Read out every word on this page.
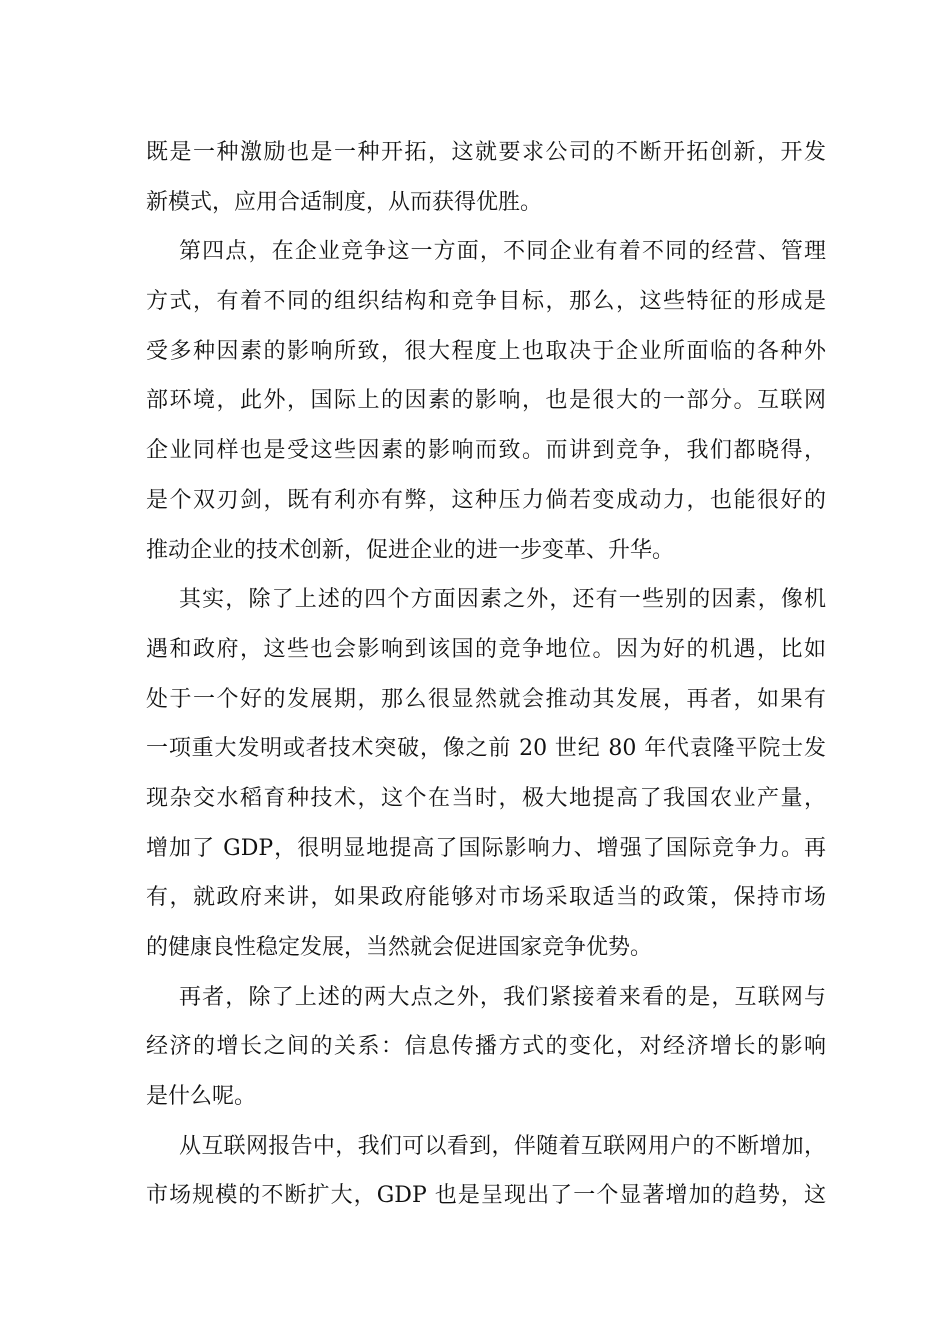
既是一种激励也是一种开拓，这就要求公司的不断开拓创新，开发
新模式，应用合适制度，从而获得优胜。
第四点，在企业竞争这一方面，不同企业有着不同的经营、管理
方式，有着不同的组织结构和竞争目标，那么，这些特征的形成是
受多种因素的影响所致，很大程度上也取决于企业所面临的各种外
部环境，此外，国际上的因素的影响，也是很大的一部分。互联网
企业同样也是受这些因素的影响而致。而讲到竞争，我们都晓得，
是个双刃剑，既有利亦有弊，这种压力倘若变成动力，也能很好的
推动企业的技术创新，促进企业的进一步变革、升华。
其实，除了上述的四个方面因素之外，还有一些别的因素，像机
遇和政府，这些也会影响到该国的竞争地位。因为好的机遇，比如
处于一个好的发展期，那么很显然就会推动其发展，再者，如果有
一项重大发明或者技术突破，像之前 20 世纪 80 年代袁隆平院士发
现杂交水稻育种技术，这个在当时，极大地提高了我国农业产量，
增加了 GDP，很明显地提高了国际影响力、增强了国际竞争力。再
有，就政府来讲，如果政府能够对市场采取适当的政策，保持市场
的健康良性稳定发展，当然就会促进国家竞争优势。
再者，除了上述的两大点之外，我们紧接着来看的是，互联网与
经济的增长之间的关系：信息传播方式的变化，对经济增长的影响
是什么呢。
从互联网报告中，我们可以看到，伴随着互联网用户的不断增加，
市场规模的不断扩大，GDP 也是呈现出了一个显著增加的趋势，这
